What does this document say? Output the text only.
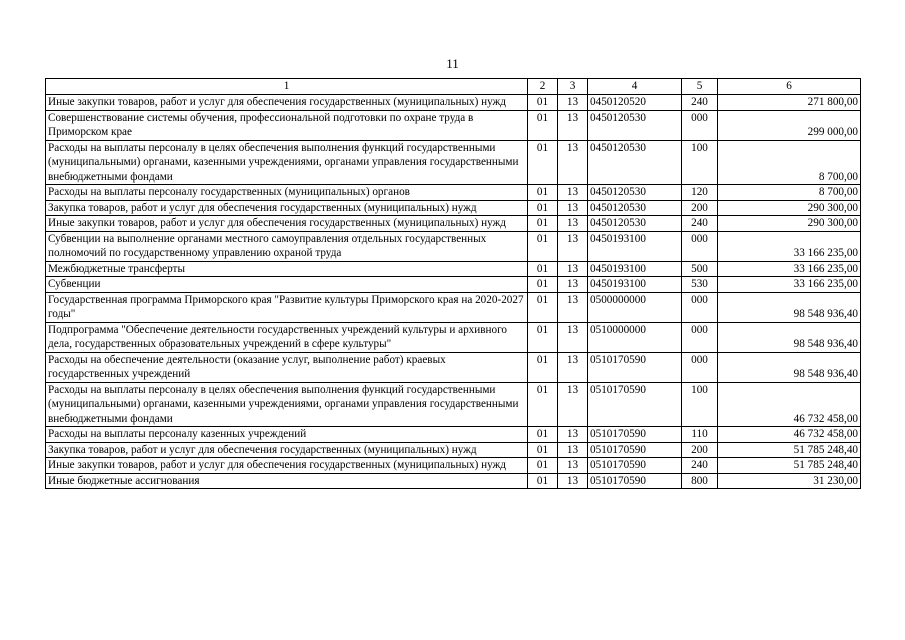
11
1	2	3	4	5	6
Иные закупки товаров, работ и услуг для обеспечения государственных (муниципальных) нужд	01	13	0450120520	240	271 800,00
Совершенствование системы обучения, профессиональной подготовки по охране труда в Приморском крае	01	13	0450120530	000	299 000,00
Расходы на выплаты персоналу в целях обеспечения выполнения функций государственными (муниципальными) органами, казенными учреждениями, органами управления государственными внебюджетными фондами	01	13	0450120530	100	8 700,00
Расходы на выплаты персоналу государственных (муниципальных) органов	01	13	0450120530	120	8 700,00
Закупка товаров, работ и услуг для обеспечения государственных (муниципальных) нужд	01	13	0450120530	200	290 300,00
Иные закупки товаров, работ и услуг для обеспечения государственных (муниципальных) нужд	01	13	0450120530	240	290 300,00
Субвенции на выполнение органами местного самоуправления отдельных государственных полномочий по государственному управлению охраной труда	01	13	0450193100	000	33 166 235,00
Межбюджетные трансферты	01	13	0450193100	500	33 166 235,00
Субвенции	01	13	0450193100	530	33 166 235,00
Государственная программа Приморского края "Развитие культуры Приморского края на 2020-2027 годы"	01	13	0500000000	000	98 548 936,40
Подпрограмма "Обеспечение деятельности государственных учреждений культуры и архивного дела, государственных образовательных учреждений в сфере культуры"	01	13	0510000000	000	98 548 936,40
Расходы на обеспечение деятельности (оказание услуг, выполнение работ) краевых государственных учреждений	01	13	0510170590	000	98 548 936,40
Расходы на выплаты персоналу в целях обеспечения выполнения функций государственными (муниципальными) органами, казенными учреждениями, органами управления государственными внебюджетными фондами	01	13	0510170590	100	46 732 458,00
Расходы на выплаты персоналу казенных учреждений	01	13	0510170590	110	46 732 458,00
Закупка товаров, работ и услуг для обеспечения государственных (муниципальных) нужд	01	13	0510170590	200	51 785 248,40
Иные закупки товаров, работ и услуг для обеспечения государственных (муниципальных) нужд	01	13	0510170590	240	51 785 248,40
Иные бюджетные ассигнования	01	13	0510170590	800	31 230,00
